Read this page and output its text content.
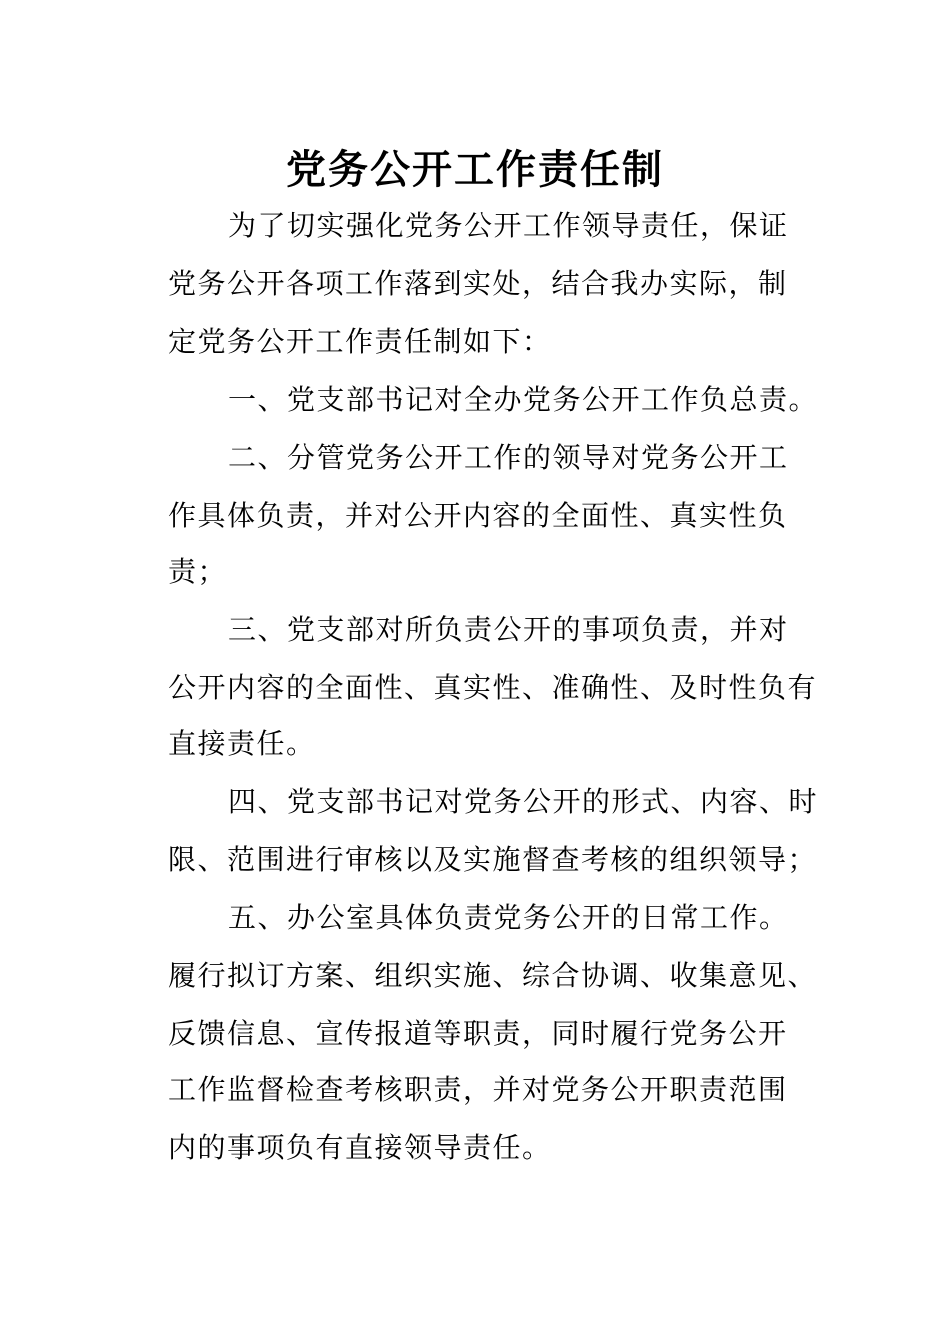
党务公开工作责任制
为了切实强化党务公开工作领导责任，保证
党务公开各项工作落到实处，结合我办实际，制
定党务公开工作责任制如下：
一、党支部书记对全办党务公开工作负总责。
二、分管党务公开工作的领导对党务公开工
作具体负责，并对公开内容的全面性、真实性负
责；
三、党支部对所负责公开的事项负责，并对
公开内容的全面性、真实性、准确性、及时性负有
直接责任。
四、党支部书记对党务公开的形式、内容、时
限、范围进行审核以及实施督查考核的组织领导；
五、办公室具体负责党务公开的日常工作。
履行拟订方案、组织实施、综合协调、收集意见、
反馈信息、宣传报道等职责，同时履行党务公开
工作监督检查考核职责，并对党务公开职责范围
内的事项负有直接领导责任。
